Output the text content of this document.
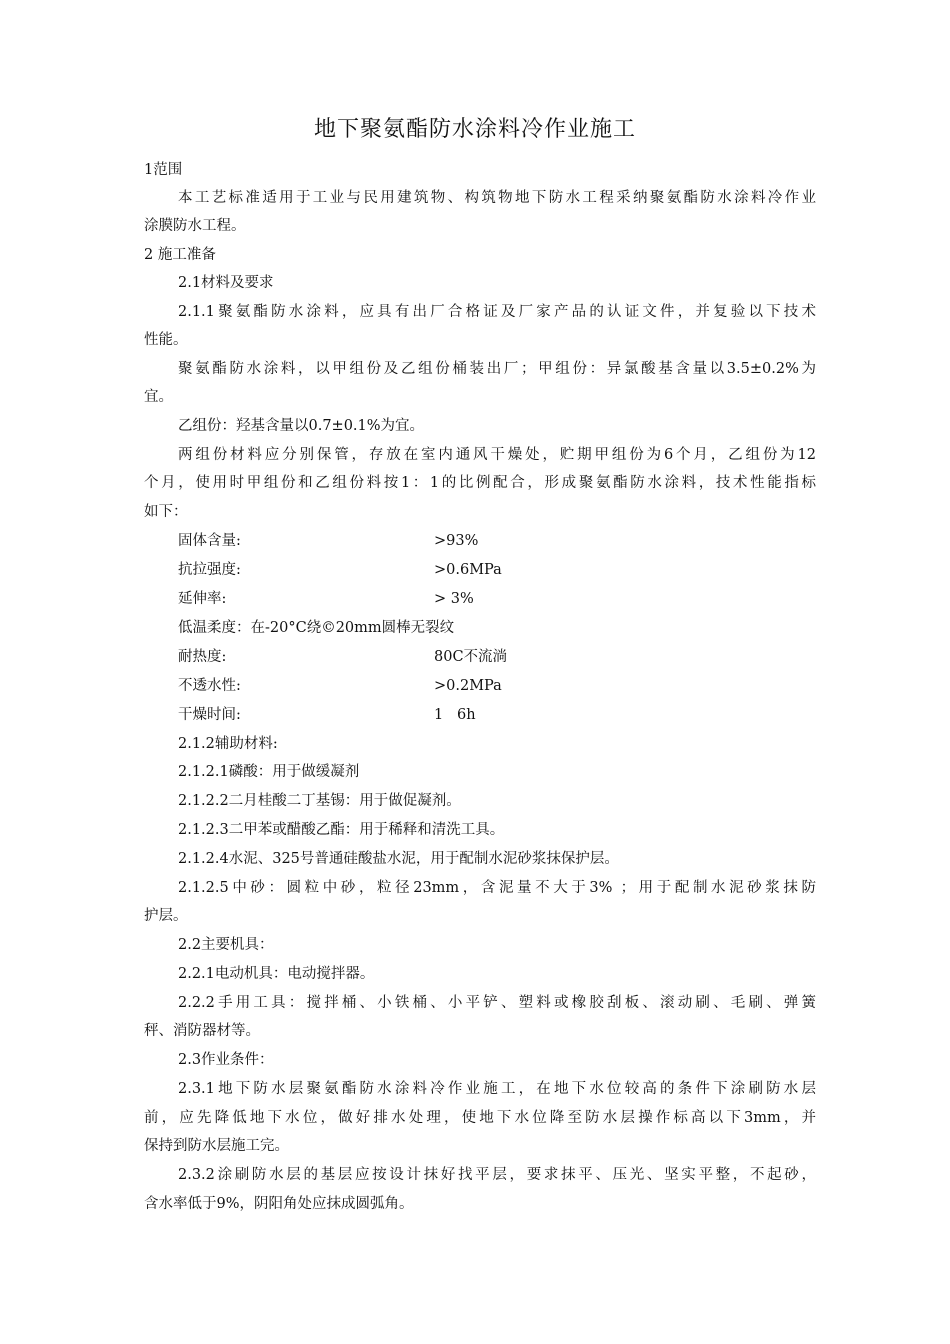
地下聚氨酯防水涂料冷作业施工
1范围
本工艺标准适用于工业与民用建筑物、构筑物地下防水工程采纳聚氨酯防水涂料冷作业
涂膜防水工程。
2 施工准备
2.1材料及要求
2.1.1聚氨酯防水涂料，应具有出厂合格证及厂家产品的认证文件，并复验以下技术
性能。
聚氨酯防水涂料，以甲组份及乙组份桶装出厂；甲组份：异氯酸基含量以3.5±0.2%为
宜。
乙组份：羟基含量以0.7±0.1%为宜。
两组份材料应分别保管，存放在室内通风干燥处，贮期甲组份为6个月，乙组份为12
个月，使用时甲组份和乙组份料按1：1的比例配合，形成聚氨酯防水涂料，技术性能指标
如下：
固体含量:	>93%
抗拉强度:	>0.6MPa
延伸率:	> 3%
低温柔度：在-20°C绕©20mm圆棒无裂纹
耐热度:	80C不流淌
不透水性:	>0.2MPa
干燥时间:	1   6h
2.1.2辅助材料:
2.1.2.1磷酸：用于做缓凝剂
2.1.2.2二月桂酸二丁基锡：用于做促凝剂。
2.1.2.3二甲苯或醋酸乙酯：用于稀释和清洗工具。
2.1.2.4水泥、325号普通硅酸盐水泥，用于配制水泥砂浆抹保护层。
2.1.2.5中砂：圆粒中砂，粒径23mm，含泥量不大于3% ；用于配制水泥砂浆抹防
护层。
2.2主要机具：
2.2.1电动机具：电动搅拌器。
2.2.2手用工具：搅拌桶、小铁桶、小平铲、塑料或橡胶刮板、滚动刷、毛刷、弹簧
秤、消防器材等。
2.3作业条件：
2.3.1地下防水层聚氨酯防水涂料冷作业施工，在地下水位较高的条件下涂刷防水层
前，应先降低地下水位，做好排水处理，使地下水位降至防水层操作标高以下3mm，并
保持到防水层施工完。
2.3.2涂刷防水层的基层应按设计抹好找平层，要求抹平、压光、坚实平整，不起砂，
含水率低于9%，阴阳角处应抹成圆弧角。
